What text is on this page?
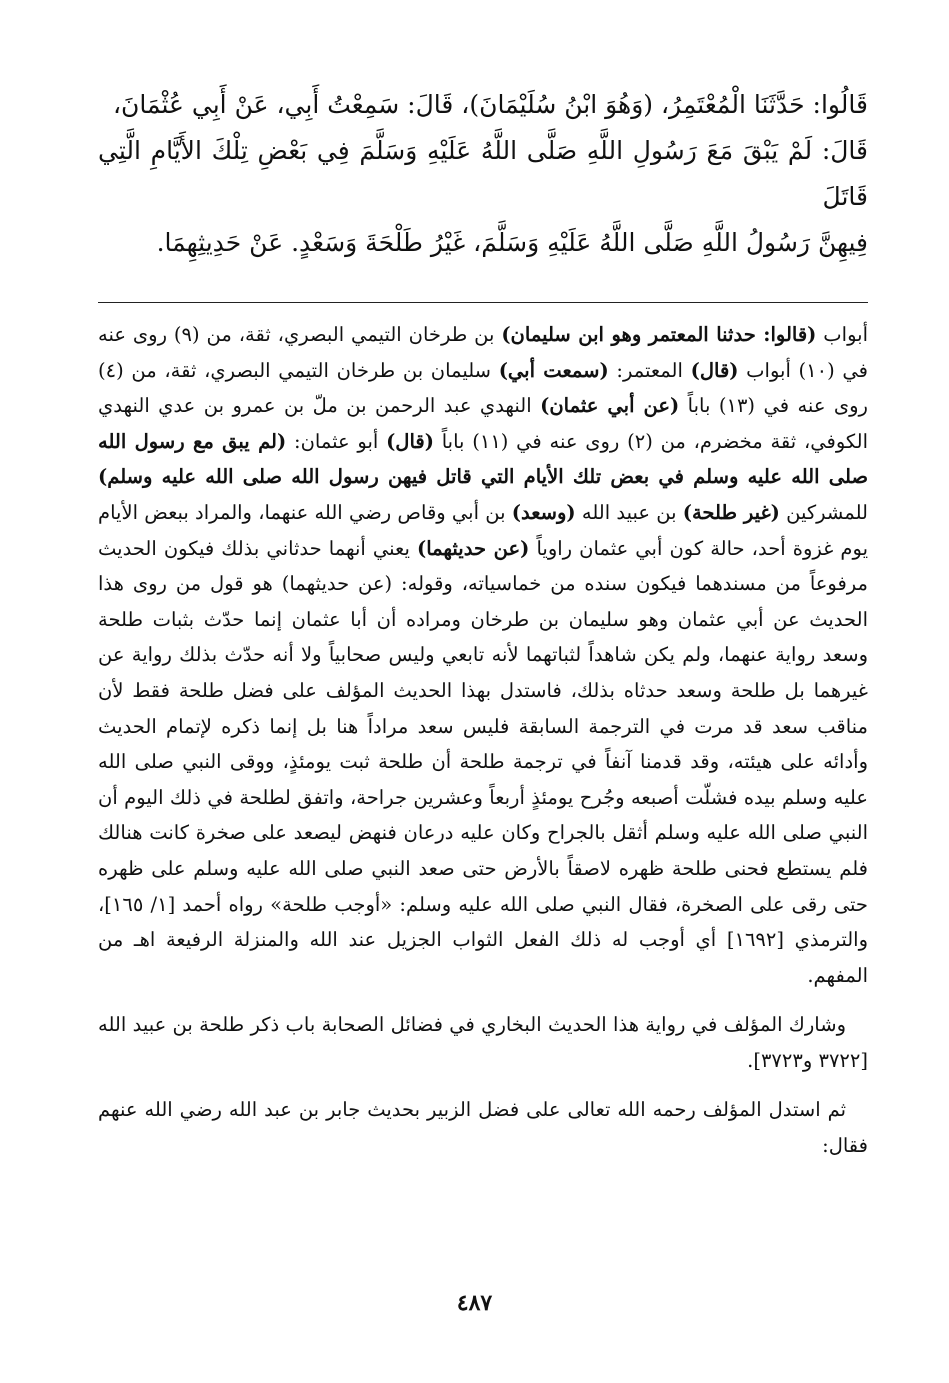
قَالُوا: حَدَّثَنَا الْمُعْتَمِرُ، (وَهُوَ ابْنُ سُلَيْمَانَ)، قَالَ: سَمِعْتُ أَبِي، عَنْ أَبِي عُثْمَانَ،

قَالَ: لَمْ يَبْقَ مَعَ رَسُولِ اللَّهِ صَلَّى اللَّهُ عَلَيْهِ وَسَلَّمَ فِي بَعْضِ تِلْكَ الأَيَّامِ الَّتِي قَاتَلَ

فِيهِنَّ رَسُولُ اللَّهِ صَلَّى اللَّهُ عَلَيْهِ وَسَلَّمَ، غَيْرُ طَلْحَةَ وَسَعْدٍ. عَنْ حَدِيثِهِمَا.

أبواب (قالوا: حدثنا المعتمر وهو ابن سليمان) بن طرخان التيمي البصري، ثقة، من (٩) روى عنه في (١٠) أبواب (قال) المعتمر: (سمعت أبي) سليمان بن طرخان التيمي البصري، ثقة، من (٤) روى عنه في (١٣) باباً (عن أبي عثمان) النهدي عبد الرحمن بن ملّ بن عمرو بن عدي النهدي الكوفي، ثقة مخضرم، من (٢) روى عنه في (١١) باباً (قال) أبو عثمان: (لم يبق مع رسول الله صلى الله عليه وسلم في بعض تلك الأيام التي قاتل فيهن رسول الله صلى الله عليه وسلم) للمشركين (غير طلحة) بن عبيد الله (وسعد) بن أبي وقاص رضي الله عنهما، والمراد ببعض الأيام يوم غزوة أحد، حالة كون أبي عثمان راوياً (عن حديثهما) يعني أنهما حدثاني بذلك فيكون الحديث مرفوعاً من مسندهما فيكون سنده من خماسياته، وقوله: (عن حديثهما) هو قول من روى هذا الحديث عن أبي عثمان وهو سليمان بن طرخان ومراده أن أبا عثمان إنما حدّث بثبات طلحة وسعد رواية عنهما، ولم يكن شاهداً لثباتهما لأنه تابعي وليس صحابياً ولا أنه حدّث بذلك رواية عن غيرهما بل طلحة وسعد حدثاه بذلك، فاستدل بهذا الحديث المؤلف على فضل طلحة فقط لأن مناقب سعد قد مرت في الترجمة السابقة فليس سعد مراداً هنا بل إنما ذكره لإتمام الحديث وأدائه على هيئته، وقد قدمنا آنفاً في ترجمة طلحة أن طلحة ثبت يومئذٍ، ووقى النبي صلى الله عليه وسلم بيده فشلّت أصبعه وجُرح يومئذٍ أربعاً وعشرين جراحة، واتفق لطلحة في ذلك اليوم أن النبي صلى الله عليه وسلم أثقل بالجراح وكان عليه درعان فنهض ليصعد على صخرة كانت هنالك فلم يستطع فحنى طلحة ظهره لاصقاً بالأرض حتى صعد النبي صلى الله عليه وسلم على ظهره حتى رقى على الصخرة، فقال النبي صلى الله عليه وسلم: «أوجب طلحة» رواه أحمد [١/ ١٦٥]، والترمذي [١٦٩٢] أي أوجب له ذلك الفعل الثواب الجزيل عند الله والمنزلة الرفيعة اهـ من المفهم.

وشارك المؤلف في رواية هذا الحديث البخاري في فضائل الصحابة باب ذكر طلحة بن عبيد الله [٣٧٢٢ و٣٧٢٣].

ثم استدل المؤلف رحمه الله تعالى على فضل الزبير بحديث جابر بن عبد الله رضي الله عنهم فقال:

٤٨٧
